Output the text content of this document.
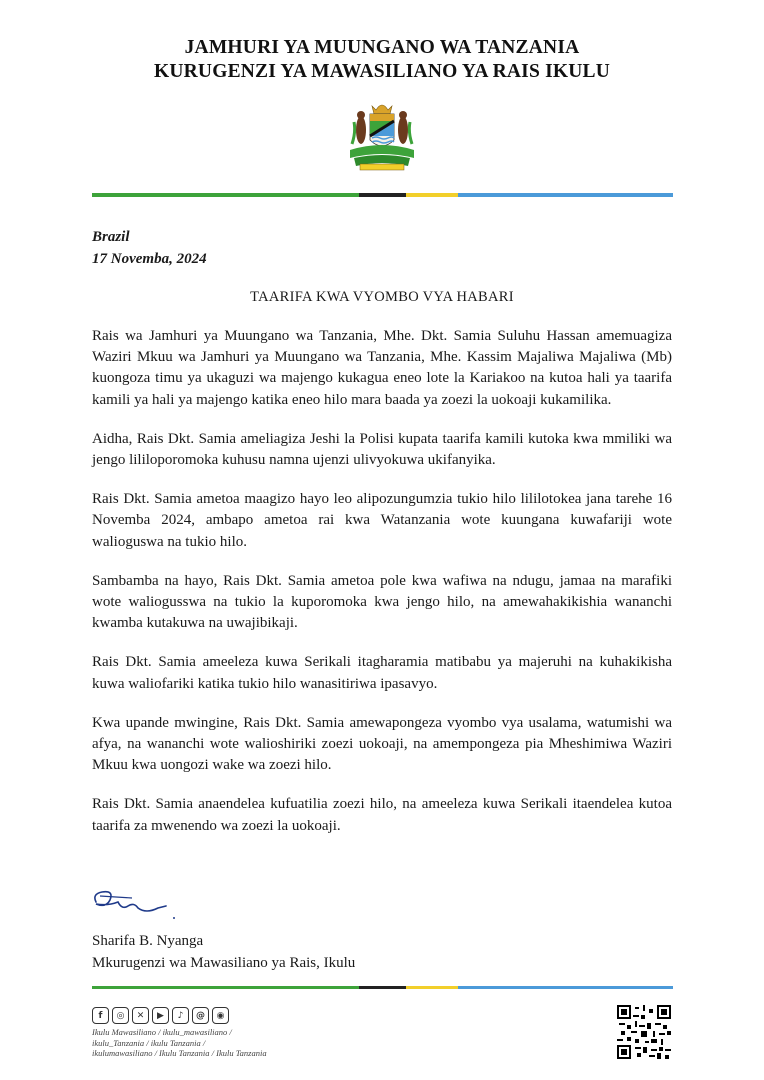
JAMHURI YA MUUNGANO WA TANZANIA
KURUGENZI YA MAWASILIANO YA RAIS IKULU
Brazil
17 Novemba, 2024
TAARIFA KWA VYOMBO VYA HABARI

Rais wa Jamhuri ya Muungano wa Tanzania, Mhe. Dkt. Samia Suluhu Hassan amemuagiza Waziri Mkuu wa Jamhuri ya Muungano wa Tanzania, Mhe. Kassim Majaliwa Majaliwa (Mb) kuongoza timu ya ukaguzi wa majengo kukagua eneo lote la Kariakoo na kutoa hali ya taarifa kamili ya hali ya majengo katika eneo hilo mara baada ya zoezi la uokoaji kukamilika.

Aidha, Rais Dkt. Samia ameliagiza Jeshi la Polisi kupata taarifa kamili kutoka kwa mmiliki wa jengo lililoporomoka kuhusu namna ujenzi ulivyokuwa ukifanyika.

Rais Dkt. Samia ametoa maagizo hayo leo alipozungumzia tukio hilo lililotokea jana tarehe 16 Novemba 2024, ambapo ametoa rai kwa Watanzania wote kuungana kuwafariji wote walioguswa na tukio hilo.

Sambamba na hayo, Rais Dkt. Samia ametoa pole kwa wafiwa na ndugu, jamaa na marafiki wote waliogusswa na tukio la kuporomoka kwa jengo hilo, na amewahakikishia wananchi kwamba kutakuwa na uwajibikaji.

Rais Dkt. Samia ameeleza kuwa Serikali itagharamia matibabu ya majeruhi na kuhakikisha kuwa waliofariki katika tukio hilo wanasitiriwa ipasavyo.

Kwa upande mwingine, Rais Dkt. Samia amewapongeza vyombo vya usalama, watumishi wa afya, na wananchi wote walioshiriki zoezi uokoaji, na amempongeza pia Mheshimiwa Waziri Mkuu kwa uongozi wake wa zoezi hilo.

Rais Dkt. Samia anaendelea kufuatilia zoezi hilo, na ameeleza kuwa Serikali itaendelea kutoa taarifa za mwenendo wa zoezi la uokoaji.

Sharifa B. Nyanga
Mkurugenzi wa Mawasiliano ya Rais, Ikulu
f	◎	✕	▶	♪	@	◉
Ikulu Mawasiliano / ikulu_mawasiliano /
ikulu_Tanzania / ikulu Tanzania /
ikulumawasiliano / Ikulu Tanzania / Ikulu Tanzania
